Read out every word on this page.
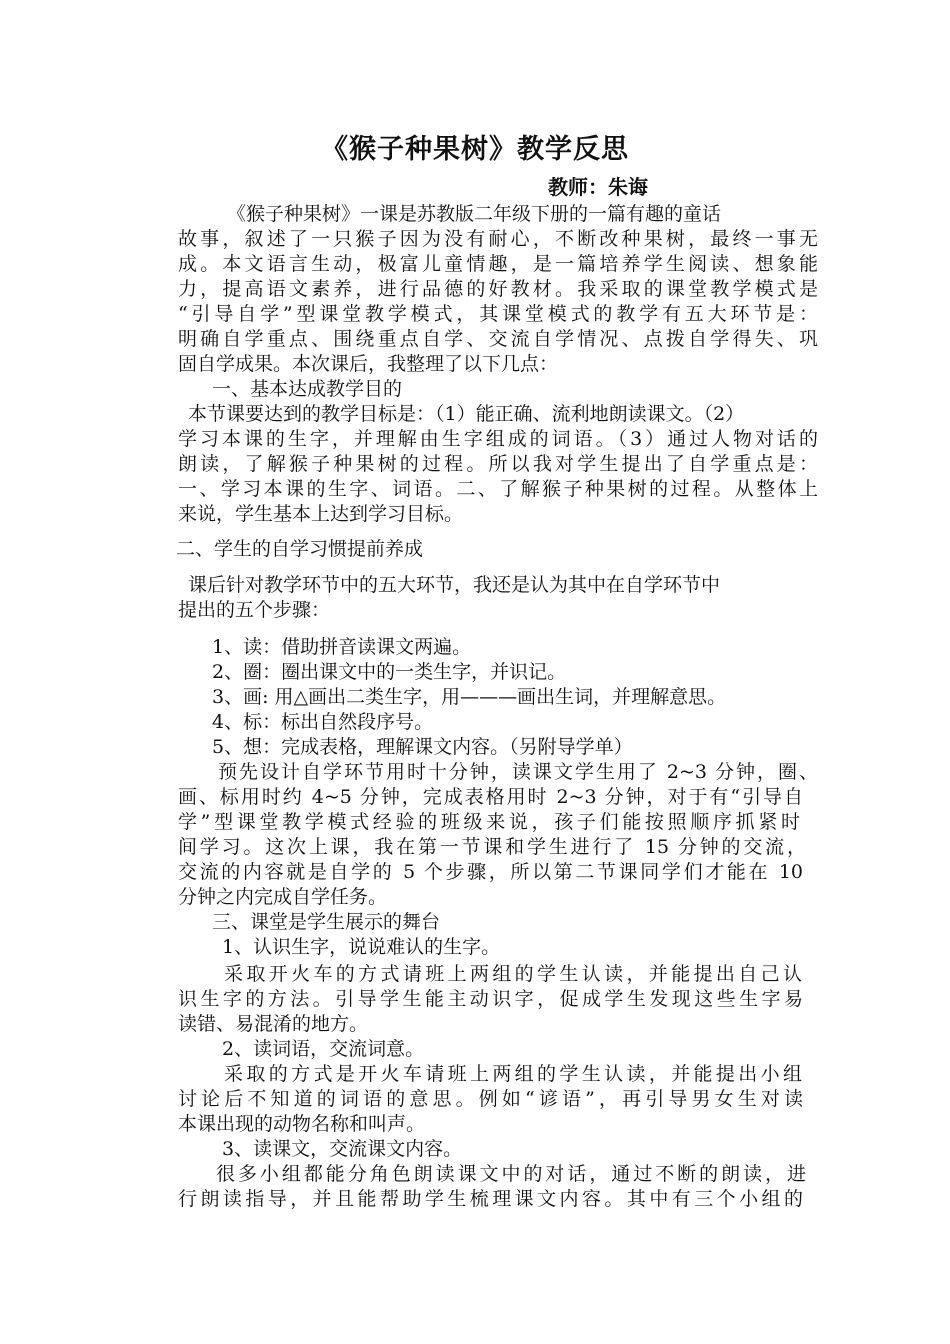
《猴子种果树》教学反思
教师：朱诲
《猴子种果树》一课是苏教版二年级下册的一篇有趣的童话
故事，叙述了一只猴子因为没有耐心，不断改种果树，最终一事无
成。本文语言生动，极富儿童情趣，是一篇培养学生阅读、想象能
力，提高语文素养，进行品德的好教材。我采取的课堂教学模式是
“引导自学”型课堂教学模式，其课堂模式的教学有五大环节是：
明确自学重点、围绕重点自学、交流自学情况、点拨自学得失、巩
固自学成果。本次课后，我整理了以下几点：
一、基本达成教学目的
本节课要达到的教学目标是：（1）能正确、流利地朗读课文。（2）
学习本课的生字，并理解由生字组成的词语。（3）通过人物对话的
朗读，了解猴子种果树的过程。所以我对学生提出了自学重点是：
一、学习本课的生字、词语。二、了解猴子种果树的过程。从整体上
来说，学生基本上达到学习目标。
二、学生的自学习惯提前养成
课后针对教学环节中的五大环节，我还是认为其中在自学环节中
提出的五个步骤：
1、读：借助拼音读课文两遍。
2、圈：圈出课文中的一类生字，并识记。
3、画: 用△画出二类生字，用———画出生词，并理解意思。
4、标：标出自然段序号。
5、想：完成表格，理解课文内容。（另附导学单）
预先设计自学环节用时十分钟，读课文学生用了 2~3 分钟，圈、
画、标用时约 4~5 分钟，完成表格用时 2~3 分钟，对于有“引导自
学”型课堂教学模式经验的班级来说，孩子们能按照顺序抓紧时
间学习。这次上课，我在第一节课和学生进行了 15 分钟的交流，
交流的内容就是自学的 5 个步骤，所以第二节课同学们才能在 10
分钟之内完成自学任务。
三、课堂是学生展示的舞台
1、认识生字，说说难认的生字。
采取开火车的方式请班上两组的学生认读，并能提出自己认
识生字的方法。引导学生能主动识字，促成学生发现这些生字易
读错、易混淆的地方。
2、读词语，交流词意。
采取的方式是开火车请班上两组的学生认读，并能提出小组
讨论后不知道的词语的意思。例如“谚语”，再引导男女生对读
本课出现的动物名称和叫声。
3、读课文，交流课文内容。
很多小组都能分角色朗读课文中的对话，通过不断的朗读，进
行朗读指导，并且能帮助学生梳理课文内容。其中有三个小组的
